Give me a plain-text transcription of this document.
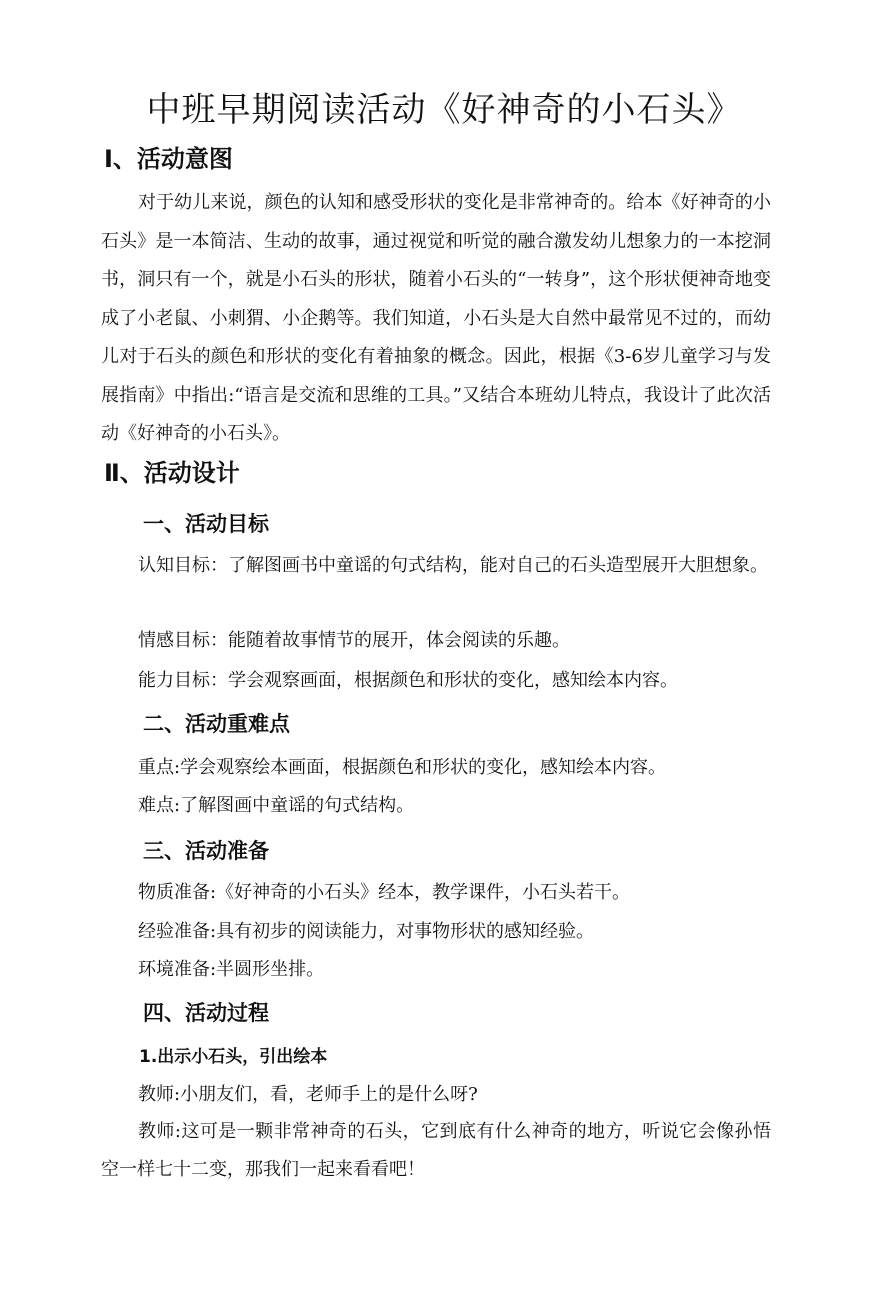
中班早期阅读活动《好神奇的小石头》
Ⅰ、活动意图
对于幼儿来说，颜色的认知和感受形状的变化是非常神奇的。给本《好神奇的小石头》是一本简洁、生动的故事，通过视觉和听觉的融合激发幼儿想象力的一本挖洞书，洞只有一个，就是小石头的形状，随着小石头的“一转身”，这个形状便神奇地变成了小老鼠、小刺猬、小企鹅等。我们知道，小石头是大自然中最常见不过的，而幼儿对于石头的颜色和形状的变化有着抽象的概念。因此，根据《3-6岁儿童学习与发展指南》中指出:“语言是交流和思维的工具。”又结合本班幼儿特点，我设计了此次活动《好神奇的小石头》。
Ⅱ、活动设计
一、活动目标
认知目标：了解图画书中童谣的句式结构，能对自己的石头造型展开大胆想象。
情感目标：能随着故事情节的展开，体会阅读的乐趣。
能力目标：学会观察画面，根据颜色和形状的变化，感知绘本内容。
二、活动重难点
重点:学会观察绘本画面，根据颜色和形状的变化，感知绘本内容。
难点:了解图画中童谣的句式结构。
三、活动准备
物质准备:《好神奇的小石头》经本，教学课件，小石头若干。
经验准备:具有初步的阅读能力，对事物形状的感知经验。
环境准备:半圆形坐排。
四、活动过程
1.出示小石头，引出绘本
教师:小朋友们，看，老师手上的是什么呀?
教师:这可是一颗非常神奇的石头，它到底有什么神奇的地方，听说它会像孙悟空一样七十二变，那我们一起来看看吧！
